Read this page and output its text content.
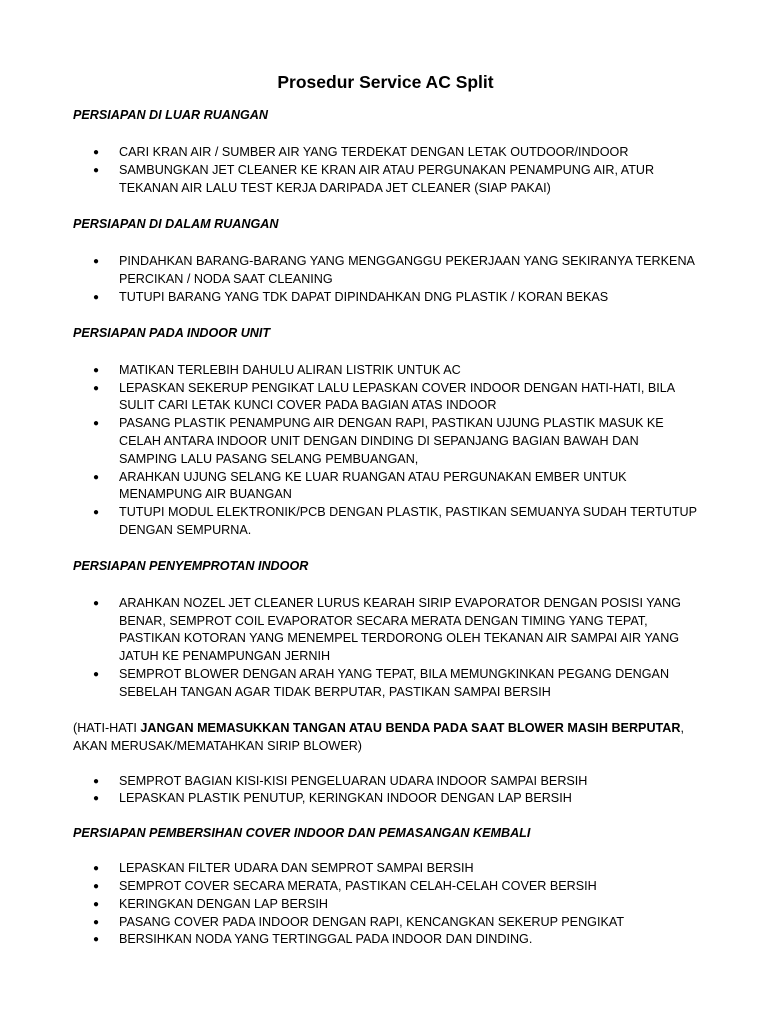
Prosedur Service AC Split
PERSIAPAN DI LUAR RUANGAN
● CARI KRAN AIR / SUMBER AIR YANG TERDEKAT DENGAN LETAK OUTDOOR/INDOOR
● SAMBUNGKAN JET CLEANER KE KRAN AIR ATAU PERGUNAKAN PENAMPUNG AIR, ATUR TEKANAN AIR LALU TEST KERJA DARIPADA JET CLEANER (SIAP PAKAI)
PERSIAPAN DI DALAM RUANGAN
● PINDAHKAN BARANG-BARANG YANG MENGGANGGU PEKERJAAN YANG SEKIRANYA TERKENA PERCIKAN / NODA SAAT CLEANING
● TUTUPI BARANG YANG TDK DAPAT DIPINDAHKAN DNG PLASTIK / KORAN BEKAS
PERSIAPAN PADA INDOOR UNIT
● MATIKAN TERLEBIH DAHULU ALIRAN LISTRIK UNTUK AC
● LEPASKAN SEKERUP PENGIKAT LALU LEPASKAN COVER INDOOR DENGAN HATI-HATI, BILA SULIT CARI LETAK KUNCI COVER PADA BAGIAN ATAS INDOOR
● PASANG PLASTIK PENAMPUNG AIR DENGAN RAPI, PASTIKAN UJUNG PLASTIK MASUK KE CELAH ANTARA INDOOR UNIT DENGAN DINDING DI SEPANJANG BAGIAN BAWAH DAN SAMPING LALU PASANG SELANG PEMBUANGAN,
● ARAHKAN UJUNG SELANG KE LUAR RUANGAN ATAU PERGUNAKAN EMBER UNTUK MENAMPUNG AIR BUANGAN
● TUTUPI MODUL ELEKTRONIK/PCB DENGAN PLASTIK, PASTIKAN SEMUANYA SUDAH TERTUTUP DENGAN SEMPURNA.
PERSIAPAN PENYEMPROTAN INDOOR
● ARAHKAN NOZEL JET CLEANER LURUS KEARAH SIRIP EVAPORATOR DENGAN POSISI YANG BENAR, SEMPROT COIL EVAPORATOR SECARA MERATA DENGAN TIMING YANG TEPAT, PASTIKAN KOTORAN YANG MENEMPEL TERDORONG OLEH TEKANAN AIR SAMPAI AIR YANG JATUH KE PENAMPUNGAN JERNIH
● SEMPROT BLOWER DENGAN ARAH YANG TEPAT, BILA MEMUNGKINKAN PEGANG DENGAN SEBELAH TANGAN AGAR TIDAK BERPUTAR, PASTIKAN SAMPAI BERSIH

(HATI-HATI JANGAN MEMASUKKAN TANGAN ATAU BENDA PADA SAAT BLOWER MASIH BERPUTAR, AKAN MERUSAK/MEMATAHKAN SIRIP BLOWER)

● SEMPROT BAGIAN KISI-KISI PENGELUARAN UDARA INDOOR SAMPAI BERSIH
● LEPASKAN PLASTIK PENUTUP, KERINGKAN INDOOR DENGAN LAP BERSIH
PERSIAPAN PEMBERSIHAN COVER INDOOR DAN PEMASANGAN KEMBALI
● LEPASKAN FILTER UDARA DAN SEMPROT SAMPAI BERSIH
● SEMPROT COVER SECARA MERATA, PASTIKAN CELAH-CELAH COVER BERSIH
● KERINGKAN DENGAN LAP BERSIH
● PASANG COVER PADA INDOOR DENGAN RAPI, KENCANGKAN SEKERUP PENGIKAT
● BERSIHKAN NODA YANG TERTINGGAL PADA INDOOR DAN DINDING.
